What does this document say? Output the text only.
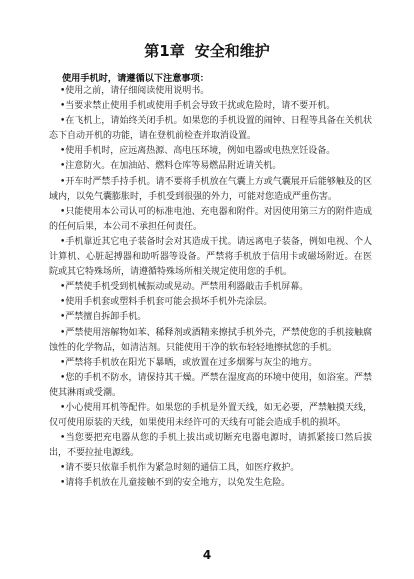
第1章 安全和维护
使用手机时，请遵循以下注意事项：

•使用之前，请仔细阅读使用说明书。

•当要求禁止使用手机或使用手机会导致干扰或危险时，请不要开机。

•在飞机上，请始终关闭手机。如果您的手机设置的闹钟、日程等具备在关机状态下自动开机的功能，请在登机前检查并取消设置。

•使用手机时，应远离热源、高电压环境，例如电器或电热烹饪设备。

•注意防火。在加油站、燃料仓库等易燃品附近请关机。

•开车时严禁手持手机。请不要将手机放在气囊上方或气囊展开后能够触及的区域内，以免气囊膨胀时，手机受到很强的外力，可能对您造成严重伤害。

•只能使用本公司认可的标准电池、充电器和附件。对因使用第三方的附件造成的任何后果，本公司不承担任何责任。

•手机靠近其它电子装备时会对其造成干扰。请远离电子装备，例如电视、个人计算机、心脏起搏器和助听器等设备。严禁将手机放于信用卡或磁场附近。在医院或其它特殊场所，请遵循特殊场所相关规定使用您的手机。

•严禁使手机受到机械振动或晃动。严禁用利器敲击手机屏幕。

•使用手机套或塑料手机套可能会损坏手机外壳涂层。

•严禁擅自拆卸手机。

•严禁使用溶解物如苯、稀释剂或酒精来擦拭手机外壳，严禁使您的手机接触腐蚀性的化学物品，如清洁剂。只能使用干净的软布轻轻地擦拭您的手机。

•严禁将手机放在阳光下暴晒，或放置在过多烟雾与灰尘的地方。

•您的手机不防水，请保持其干燥。严禁在湿度高的环境中使用，如浴室。严禁使其淋雨或受潮。

•小心使用耳机等配件。如果您的手机是外置天线，如无必要，严禁触摸天线，仅可使用原装的天线，如果使用未经许可的天线有可能会造成手机的损坏。

•当您要把充电器从您的手机上拔出或切断充电器电源时，请抓紧接口然后拔出，不要拉扯电源线。

•请不要只依靠手机作为紧急时刻的通信工具，如医疗救护。

•请将手机放在儿童接触不到的安全地方，以免发生危险。

4
